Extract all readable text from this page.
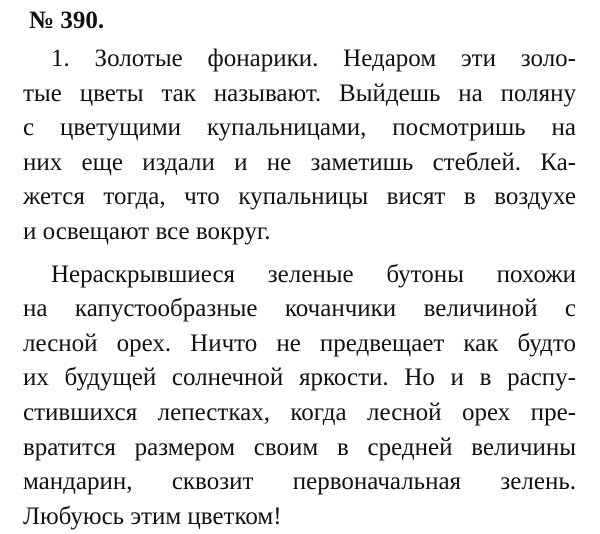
№ 390.
1. Золотые фонарики. Недаром эти золо-
тые цветы так называют. Выйдешь на поляну
с цветущими купальницами, посмотришь на
них еще издали и не заметишь стеблей. Ка-
жется тогда, что купальницы висят в воздухе
и освещают все вокруг.
Нераскрывшиеся зеленые бутоны похожи
на капустообразные кочанчики величиной с
лесной орех. Ничто не предвещает как будто
их будущей солнечной яркости. Но и в распу-
стившихся лепестках, когда лесной орех пре-
вратится размером своим в средней величины
мандарин, сквозит первоначальная зелень.
Любуюсь этим цветком!
